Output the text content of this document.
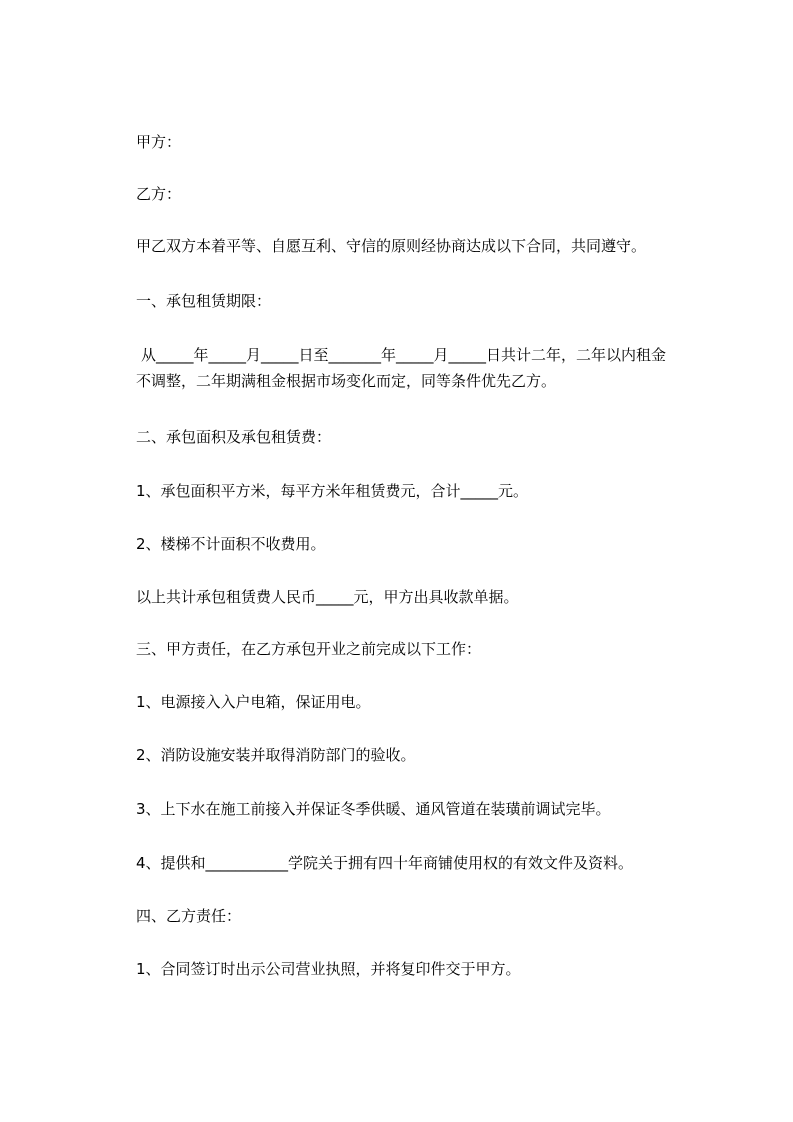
甲方：
乙方：
甲乙双方本着平等、自愿互利、守信的原则经协商达成以下合同，共同遵守。
一、承包租赁期限：
从_____年_____月_____日至_______年_____月_____日共计二年，二年以内租金
不调整，二年期满租金根据市场变化而定，同等条件优先乙方。
二、承包面积及承包租赁费：
1、承包面积平方米，每平方米年租赁费元，合计_____元。
2、楼梯不计面积不收费用。
以上共计承包租赁费人民币_____元，甲方出具收款单据。
三、甲方责任，在乙方承包开业之前完成以下工作：
1、电源接入入户电箱，保证用电。
2、消防设施安装并取得消防部门的验收。
3、上下水在施工前接入并保证冬季供暖、通风管道在装璜前调试完毕。
4、提供和___________学院关于拥有四十年商铺使用权的有效文件及资料。
四、乙方责任：
1、合同签订时出示公司营业执照，并将复印件交于甲方。
